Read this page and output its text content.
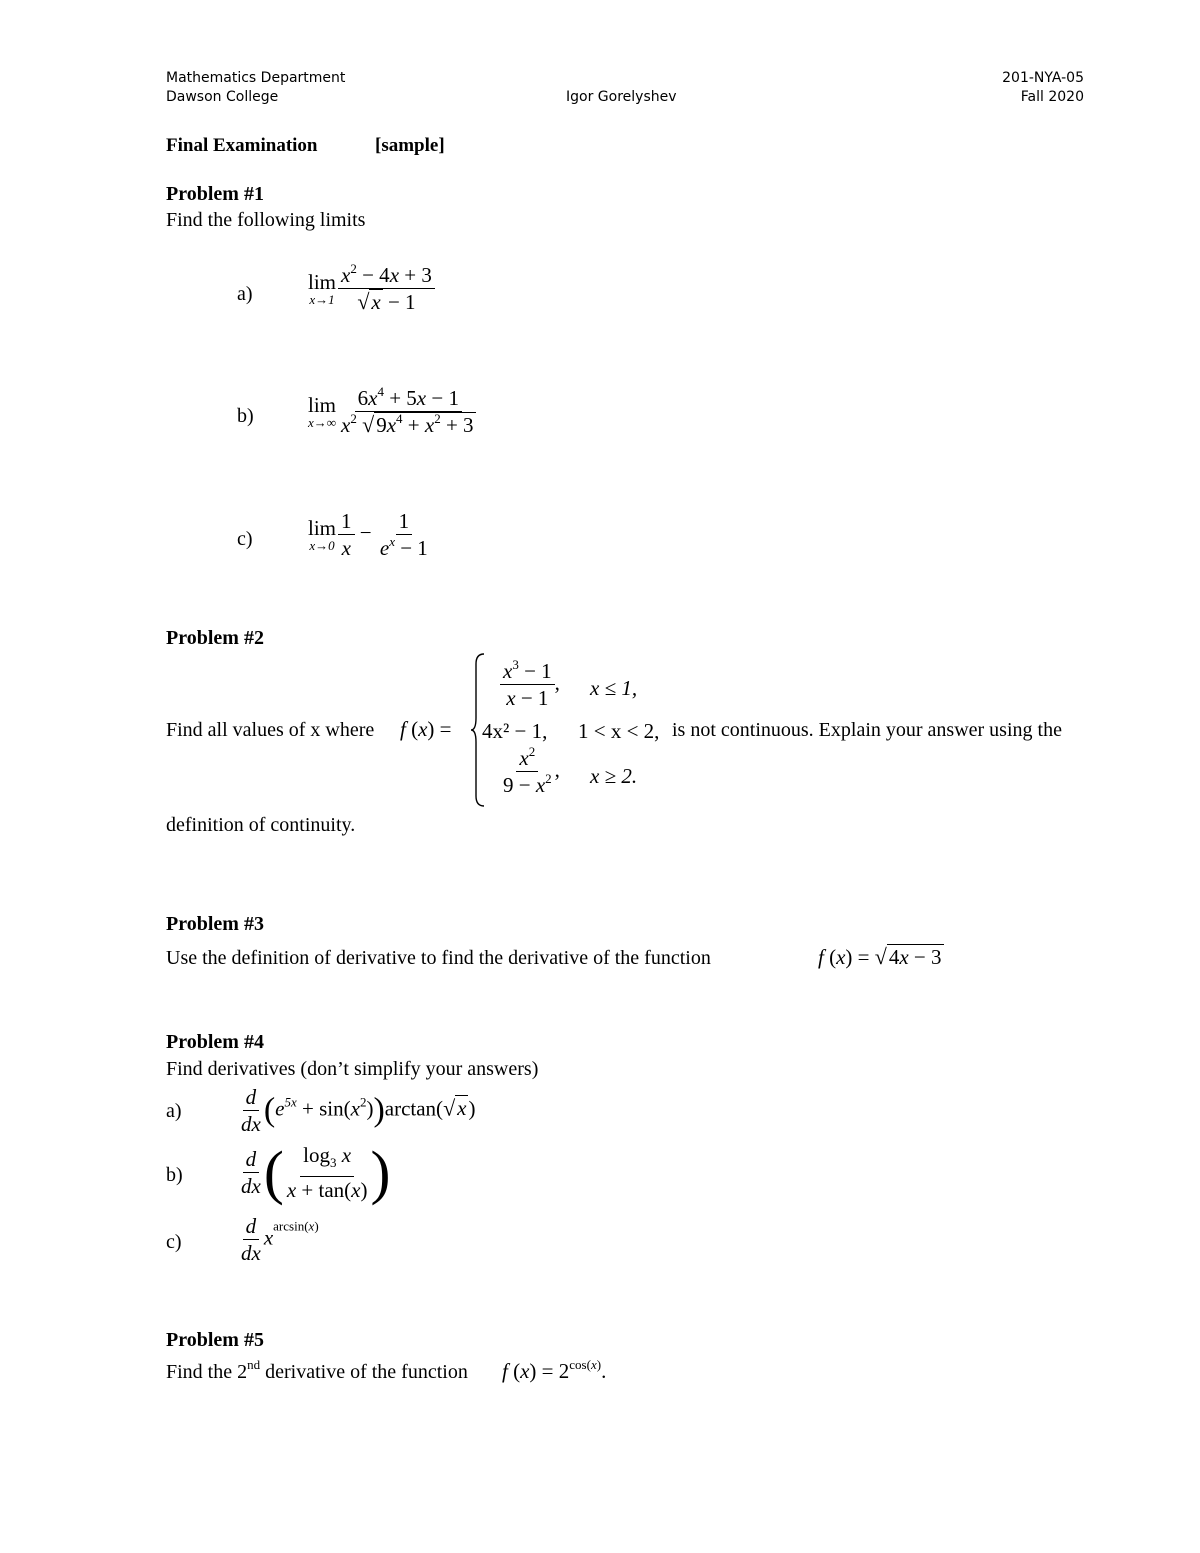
Mathematics Department
Dawson College	Igor Gorelyshev
201-NYA-05
Fall 2020
Final Examination	[sample]
Problem #1
Find the following limits
a)
lim
$x\to 1 \frac{x^2 - 4x + 3}{√x - 1}$
b)	lim
$x\to\infty \frac{6x^4 + 5x - 1}{x^2 √9x^4 + x^2 + 3}$
c)	lim
$x\to 0 \frac{1}{x} - \frac{1}{e^x - 1}$
Problem #2
Find all values of x where f (x) =
$\frac{x^3 - 1}{x - 1}$ , x ≤ 1,
4x² − 1, 1 < x < 2, is not continuous. Explain your answer using the
$\frac{x^2}{9 - x^2}$ , x ≥ 2.
definition of continuity.
Problem #3
Use the definition of derivative to find the derivative of the function	f (x) = √4x − 3
Problem #4
Find derivatives (don’t simplify your answers)
a)	$\frac{d}{dx} (e^{5x} + \sin(x^2))\arctan(√x)$
b)	$\frac{d}{dx}$ ( $\frac{\log_3 x}{x + \tan(x)}$ )
c)	$\frac{d}{dx} x^{arcsin(x)}$
Problem #5
Find the 2nd derivative of the function f $(x) = 2^{cos(x)}$.
